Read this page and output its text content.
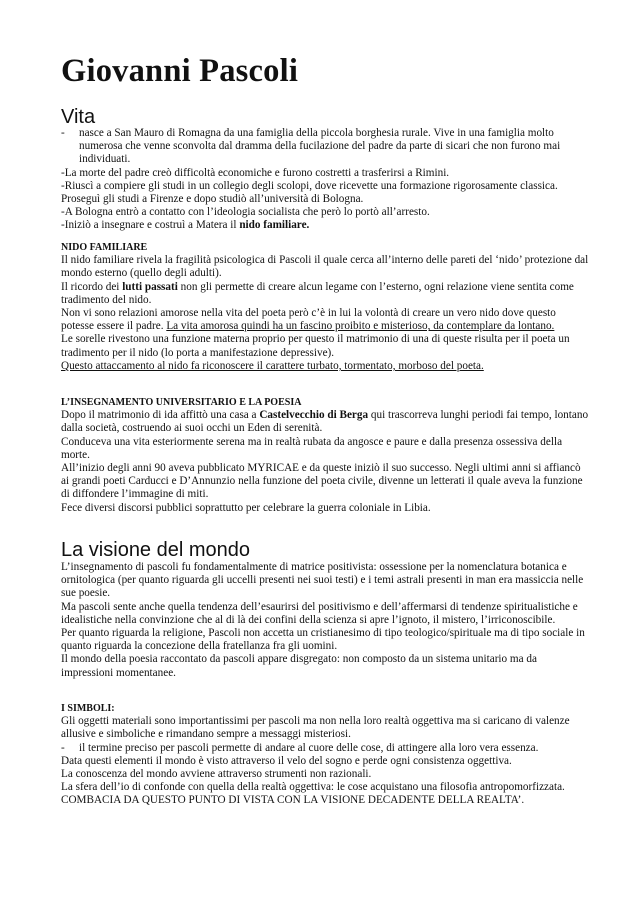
Giovanni Pascoli
Vita

- nasce a San Mauro di Romagna da una famiglia della piccola borghesia rurale. Vive in una famiglia molto numerosa che venne sconvolta dal dramma della fucilazione del padre da parte di sicari che non furono mai individuati.

-La morte del padre creò difficoltà economiche e furono costretti a trasferirsi a Rimini.

-Riuscì a compiere gli studi in un collegio degli scolopi, dove ricevette una formazione rigorosamente classica. Proseguì gli studi a Firenze e dopo studiò all’università di Bologna.

-A Bologna entrò a contatto con l’ideologia socialista che però lo portò all’arresto.

-Iniziò a insegnare e costruì a Matera il nido familiare.

NIDO FAMILIARE

Il nido familiare rivela la fragilità psicologica di Pascoli il quale cerca all’interno delle pareti del ‘nido’ protezione dal mondo esterno (quello degli adulti).

Il ricordo dei lutti passati non gli permette di creare alcun legame con l’esterno, ogni relazione viene sentita come tradimento del nido.

Non vi sono relazioni amorose nella vita del poeta però c’è in lui la volontà di creare un vero nido dove questo potesse essere il padre. La vita amorosa quindi ha un fascino proibito e misterioso, da contemplare da lontano.

Le sorelle rivestono una funzione materna proprio per questo il matrimonio di una di queste risulta per il poeta un tradimento per il nido (lo porta a manifestazione depressive).

Questo attaccamento al nido fa riconoscere il carattere turbato, tormentato, morboso del poeta.

L’INSEGNAMENTO UNIVERSITARIO E LA POESIA

Dopo il matrimonio di ida affittò una casa a Castelvecchio di Berga qui trascorreva lunghi periodi fai tempo, lontano dalla società, costruendo ai suoi occhi un Eden di serenità.

Conduceva una vita esteriormente serena ma in realtà rubata da angosce e paure e dalla presenza ossessiva della morte.

All’inizio degli anni 90 aveva pubblicato MYRICAE e da queste iniziò il suo successo. Negli ultimi anni si affiancò ai grandi poeti Carducci e D’Annunzio nella funzione del poeta civile, divenne un letterati il quale aveva la funzione di diffondere l’immagine di miti.

Fece diversi discorsi pubblici soprattutto per celebrare la guerra coloniale in Libia.

La visione del mondo

L’insegnamento di pascoli fu fondamentalmente di matrice positivista: ossessione per la nomenclatura botanica e ornitologica (per quanto riguarda gli uccelli presenti nei suoi testi) e i temi astrali presenti in man era massiccia nelle sue poesie.

Ma pascoli sente anche quella tendenza dell’esaurirsi del positivismo e dell’affermarsi di tendenze spiritualistiche e idealistiche nella convinzione che al di là dei confini della scienza si apre l’ignoto, il mistero, l’irriconoscibile.

Per quanto riguarda la religione, Pascoli non accetta un cristianesimo di tipo teologico/spirituale ma di tipo sociale in quanto riguarda la concezione della fratellanza fra gli uomini.

Il mondo della poesia raccontato da pascoli appare disgregato: non composto da un sistema unitario ma da impressioni momentanee.

I SIMBOLI:

Gli oggetti materiali sono importantissimi per pascoli ma non nella loro realtà oggettiva ma si caricano di valenze allusive e simboliche e rimandano sempre a messaggi misteriosi.

- il termine preciso per pascoli permette di andare al cuore delle cose, di attingere alla loro vera essenza.

Data questi elementi il mondo è visto attraverso il velo del sogno e perde ogni consistenza oggettiva.

La conoscenza del mondo avviene attraverso strumenti non razionali.

La sfera dell’io di confonde con quella della realtà oggettiva: le cose acquistano una filosofia antropomorfizzata.

COMBACIA DA QUESTO PUNTO DI VISTA CON LA VISIONE DECADENTE DELLA REALTA’.
